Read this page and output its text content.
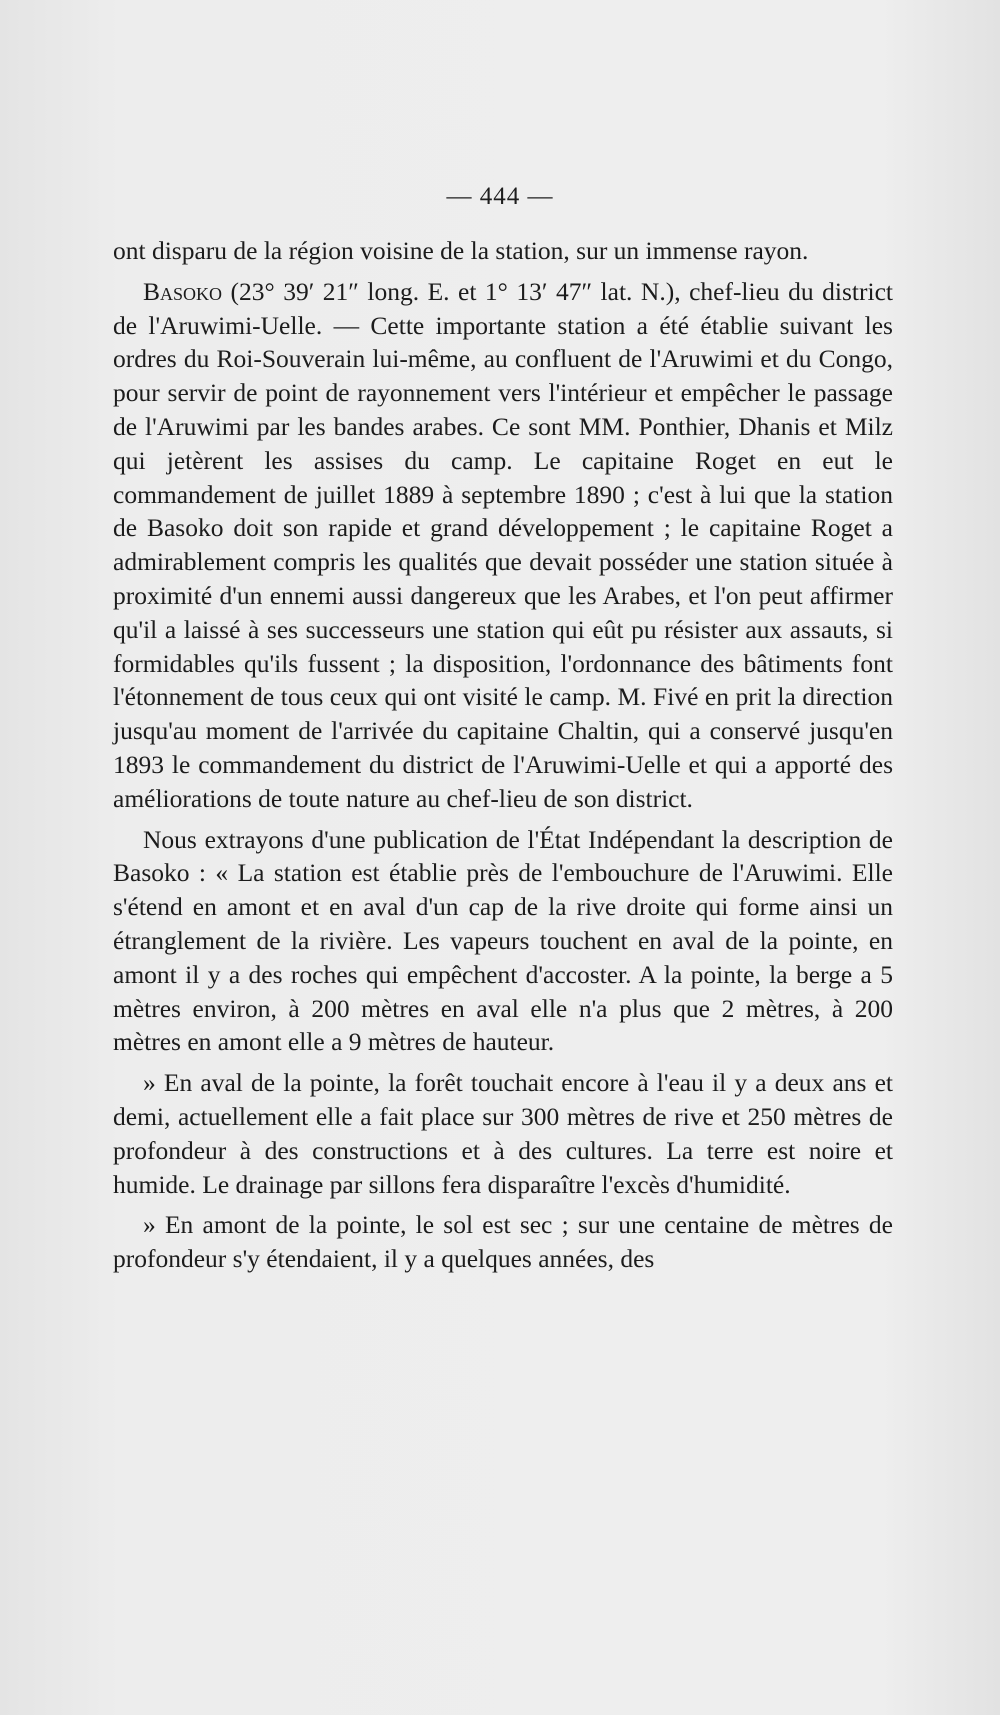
— 444 —

ont disparu de la région voisine de la station, sur un immense rayon.

Basoko (23° 39′ 21″ long. E. et 1° 13′ 47″ lat. N.), chef-lieu du district de l'Aruwimi-Uelle. — Cette importante station a été établie suivant les ordres du Roi-Souverain lui-même, au confluent de l'Aruwimi et du Congo, pour servir de point de rayonnement vers l'intérieur et empêcher le passage de l'Aruwimi par les bandes arabes. Ce sont MM. Ponthier, Dhanis et Milz qui jetèrent les assises du camp. Le capitaine Roget en eut le commandement de juillet 1889 à septembre 1890 ; c'est à lui que la station de Basoko doit son rapide et grand développement ; le capitaine Roget a admirablement compris les qualités que devait posséder une station située à proximité d'un ennemi aussi dangereux que les Arabes, et l'on peut affirmer qu'il a laissé à ses successeurs une station qui eût pu résister aux assauts, si formidables qu'ils fussent ; la disposition, l'ordonnance des bâtiments font l'étonnement de tous ceux qui ont visité le camp. M. Fivé en prit la direction jusqu'au moment de l'arrivée du capitaine Chaltin, qui a conservé jusqu'en 1893 le commandement du district de l'Aruwimi-Uelle et qui a apporté des améliorations de toute nature au chef-lieu de son district.

Nous extrayons d'une publication de l'État Indépendant la description de Basoko : « La station est établie près de l'embouchure de l'Aruwimi. Elle s'étend en amont et en aval d'un cap de la rive droite qui forme ainsi un étranglement de la rivière. Les vapeurs touchent en aval de la pointe, en amont il y a des roches qui empêchent d'accoster. A la pointe, la berge a 5 mètres environ, à 200 mètres en aval elle n'a plus que 2 mètres, à 200 mètres en amont elle a 9 mètres de hauteur.

» En aval de la pointe, la forêt touchait encore à l'eau il y a deux ans et demi, actuellement elle a fait place sur 300 mètres de rive et 250 mètres de profondeur à des constructions et à des cultures. La terre est noire et humide. Le drainage par sillons fera disparaître l'excès d'humidité.

» En amont de la pointe, le sol est sec ; sur une centaine de mètres de profondeur s'y étendaient, il y a quelques années, des
